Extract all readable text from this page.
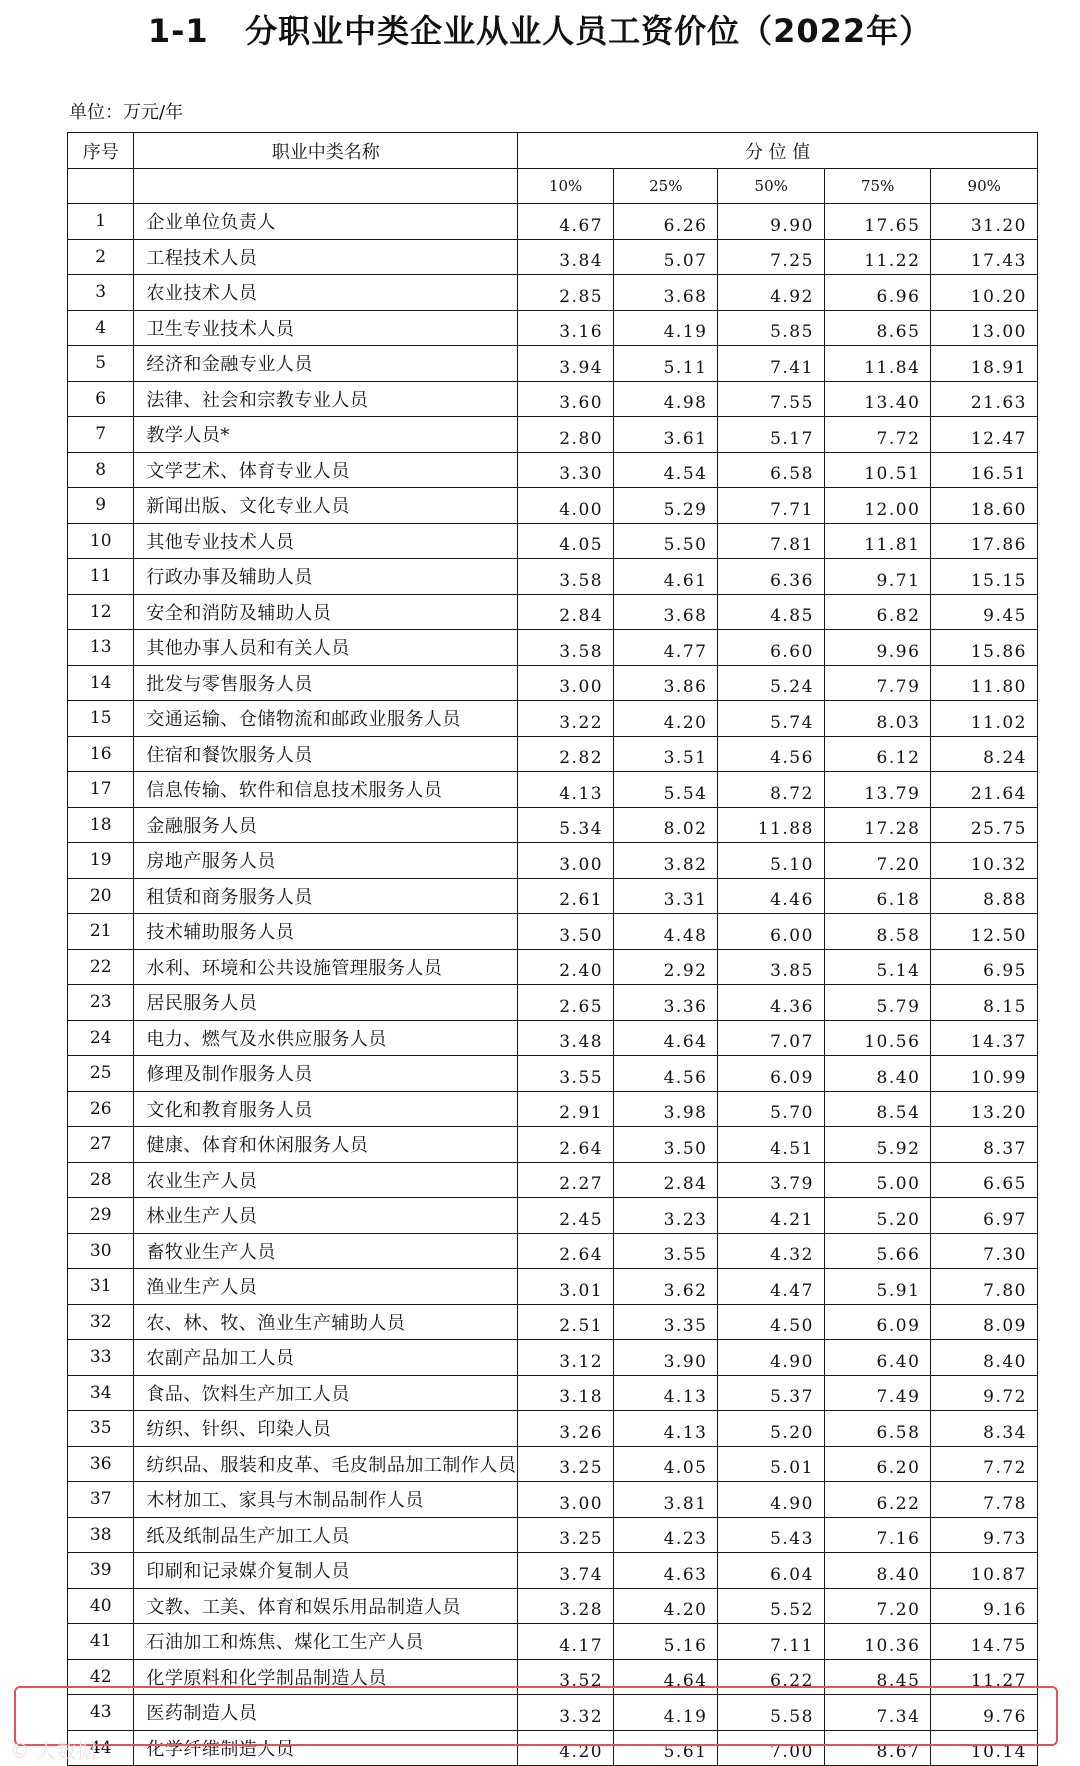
1-1   分职业中类企业从业人员工资价位（2022年）
单位：万元/年
序号	职业中类名称	分 位 值				
		10%	25%	50%	75%	90%
1	企业单位负责人	4.67	6.26	9.90	17.65	31.20
2	工程技术人员	3.84	5.07	7.25	11.22	17.43
3	农业技术人员	2.85	3.68	4.92	6.96	10.20
4	卫生专业技术人员	3.16	4.19	5.85	8.65	13.00
5	经济和金融专业人员	3.94	5.11	7.41	11.84	18.91
6	法律、社会和宗教专业人员	3.60	4.98	7.55	13.40	21.63
7	教学人员*	2.80	3.61	5.17	7.72	12.47
8	文学艺术、体育专业人员	3.30	4.54	6.58	10.51	16.51
9	新闻出版、文化专业人员	4.00	5.29	7.71	12.00	18.60
10	其他专业技术人员	4.05	5.50	7.81	11.81	17.86
11	行政办事及辅助人员	3.58	4.61	6.36	9.71	15.15
12	安全和消防及辅助人员	2.84	3.68	4.85	6.82	9.45
13	其他办事人员和有关人员	3.58	4.77	6.60	9.96	15.86
14	批发与零售服务人员	3.00	3.86	5.24	7.79	11.80
15	交通运输、仓储物流和邮政业服务人员	3.22	4.20	5.74	8.03	11.02
16	住宿和餐饮服务人员	2.82	3.51	4.56	6.12	8.24
17	信息传输、软件和信息技术服务人员	4.13	5.54	8.72	13.79	21.64
18	金融服务人员	5.34	8.02	11.88	17.28	25.75
19	房地产服务人员	3.00	3.82	5.10	7.20	10.32
20	租赁和商务服务人员	2.61	3.31	4.46	6.18	8.88
21	技术辅助服务人员	3.50	4.48	6.00	8.58	12.50
22	水利、环境和公共设施管理服务人员	2.40	2.92	3.85	5.14	6.95
23	居民服务人员	2.65	3.36	4.36	5.79	8.15
24	电力、燃气及水供应服务人员	3.48	4.64	7.07	10.56	14.37
25	修理及制作服务人员	3.55	4.56	6.09	8.40	10.99
26	文化和教育服务人员	2.91	3.98	5.70	8.54	13.20
27	健康、体育和休闲服务人员	2.64	3.50	4.51	5.92	8.37
28	农业生产人员	2.27	2.84	3.79	5.00	6.65
29	林业生产人员	2.45	3.23	4.21	5.20	6.97
30	畜牧业生产人员	2.64	3.55	4.32	5.66	7.30
31	渔业生产人员	3.01	3.62	4.47	5.91	7.80
32	农、林、牧、渔业生产辅助人员	2.51	3.35	4.50	6.09	8.09
33	农副产品加工人员	3.12	3.90	4.90	6.40	8.40
34	食品、饮料生产加工人员	3.18	4.13	5.37	7.49	9.72
35	纺织、针织、印染人员	3.26	4.13	5.20	6.58	8.34
36	纺织品、服装和皮革、毛皮制品加工制作人员	3.25	4.05	5.01	6.20	7.72
37	木材加工、家具与木制品制作人员	3.00	3.81	4.90	6.22	7.78
38	纸及纸制品生产加工人员	3.25	4.23	5.43	7.16	9.73
39	印刷和记录媒介复制人员	3.74	4.63	6.04	8.40	10.87
40	文教、工美、体育和娱乐用品制造人员	3.28	4.20	5.52	7.20	9.16
41	石油加工和炼焦、煤化工生产人员	4.17	5.16	7.11	10.36	14.75
42	化学原料和化学制品制造人员	3.52	4.64	6.22	8.45	11.27
43	医药制造人员	3.32	4.19	5.58	7.34	9.76
44	化学纤维制造人员	4.20	5.61	7.00	8.67	10.14
© 大数据
